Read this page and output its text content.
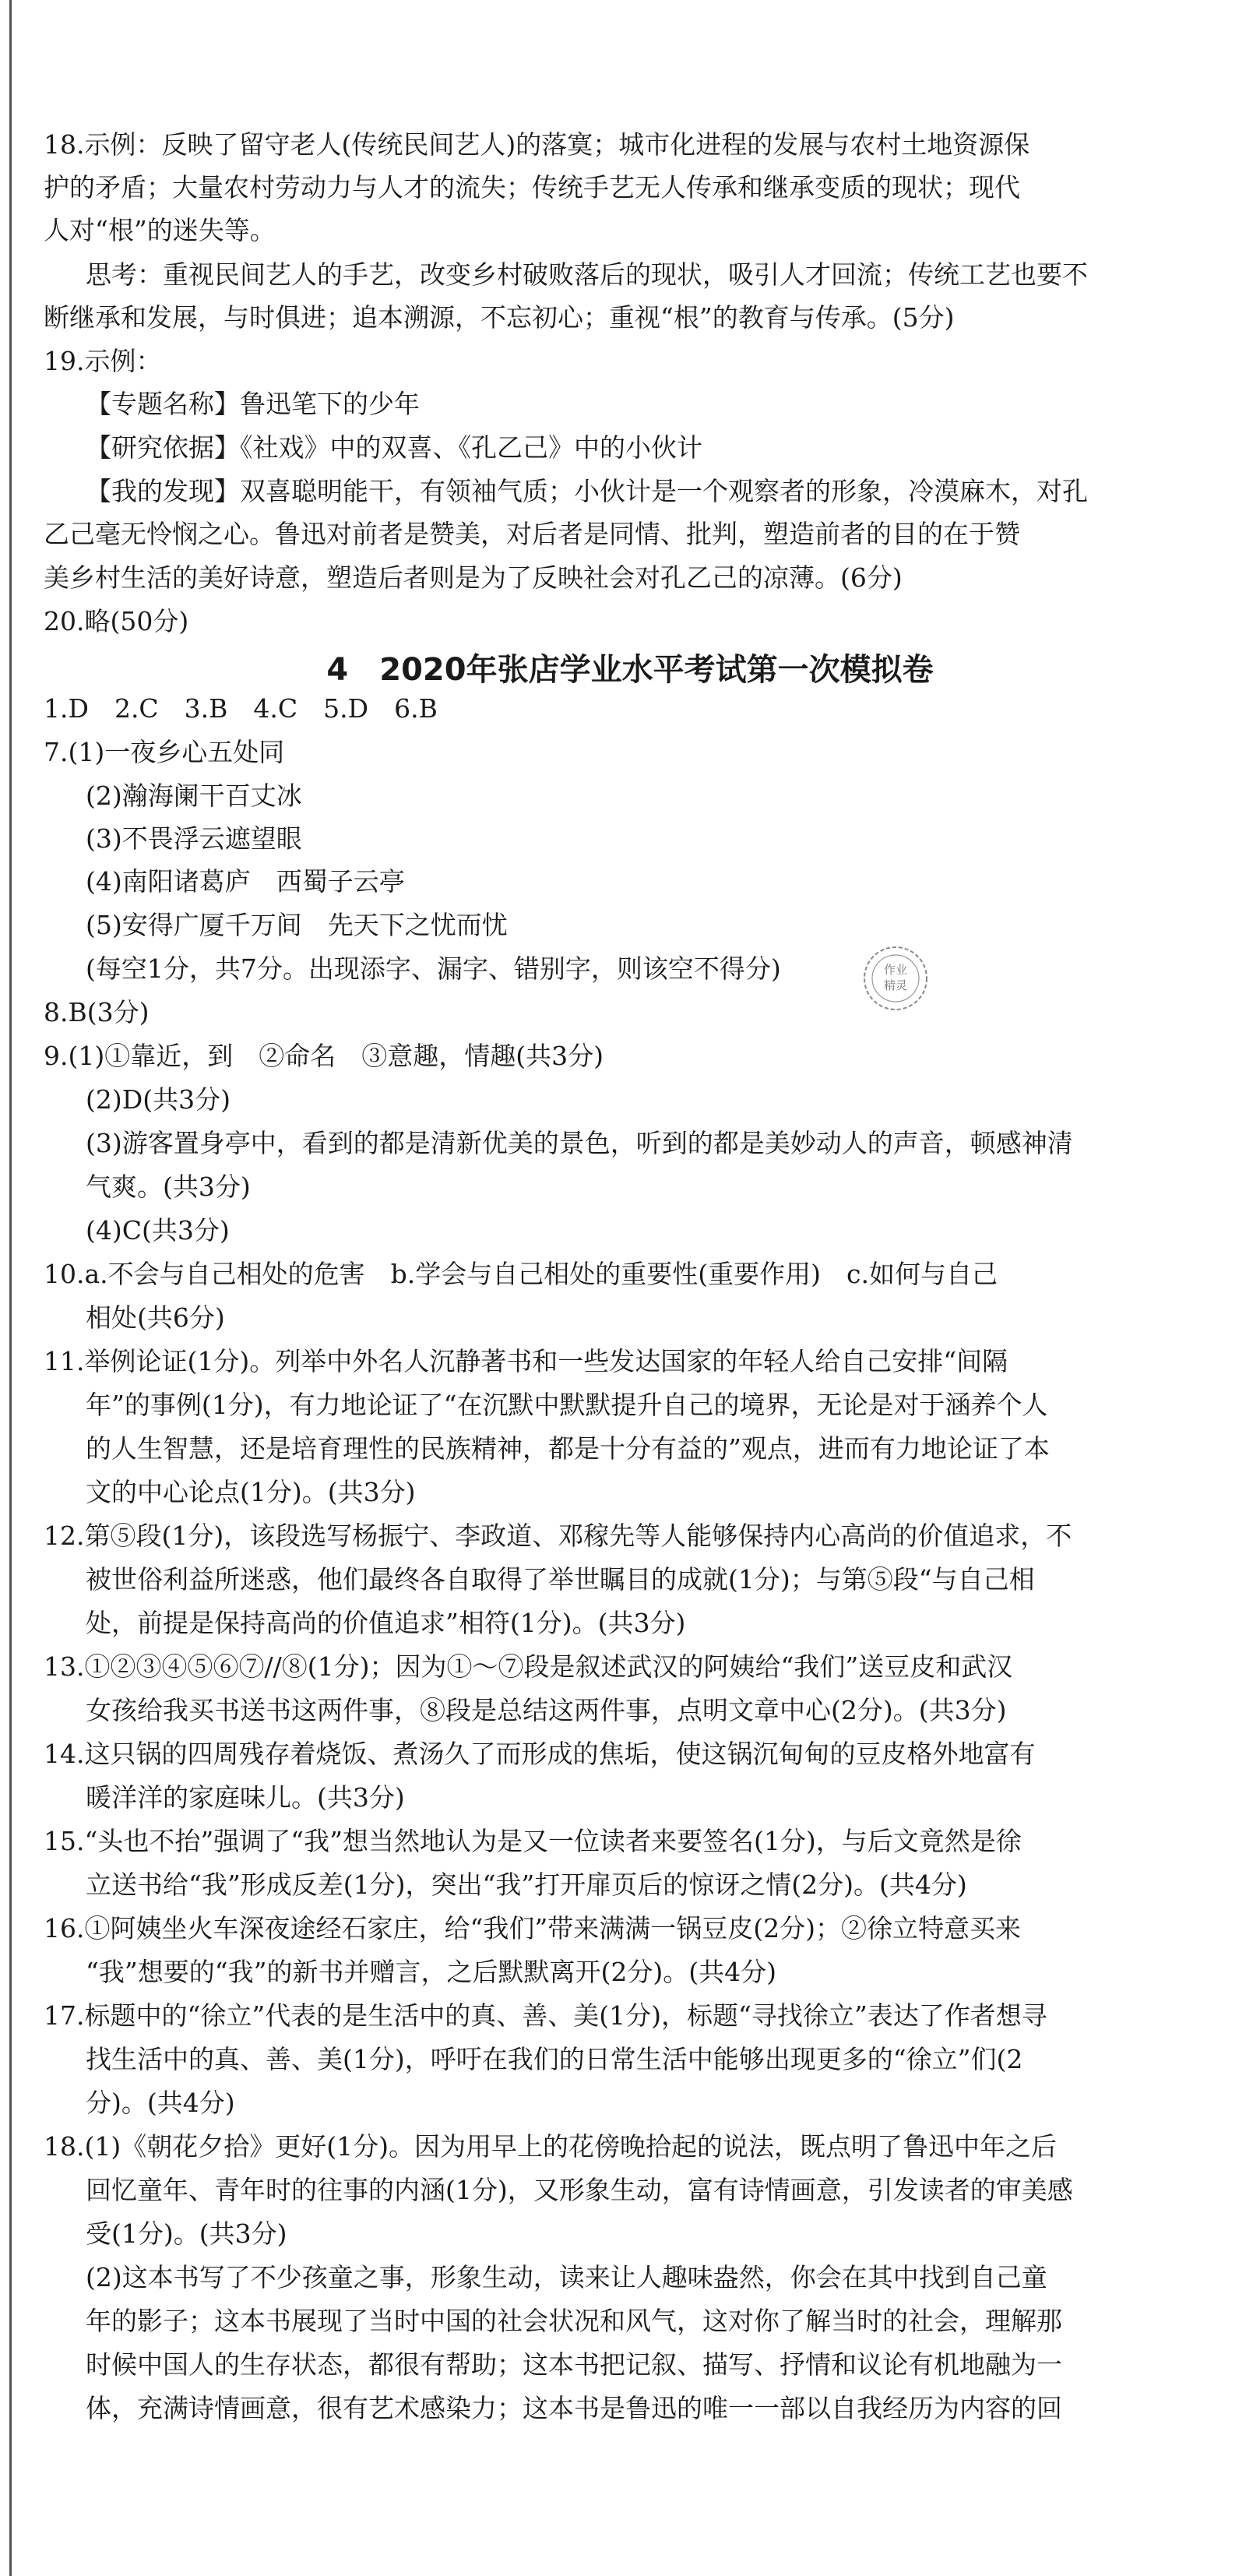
18.示例：反映了留守老人(传统民间艺人)的落寞；城市化进程的发展与农村土地资源保
护的矛盾；大量农村劳动力与人才的流失；传统手艺无人传承和继承变质的现状；现代
人对“根”的迷失等。
思考：重视民间艺人的手艺，改变乡村破败落后的现状，吸引人才回流；传统工艺也要不
断继承和发展，与时俱进；追本溯源，不忘初心；重视“根”的教育与传承。(5分)
19.示例：
【专题名称】鲁迅笔下的少年
【研究依据】《社戏》中的双喜、《孔乙己》中的小伙计
【我的发现】双喜聪明能干，有领袖气质；小伙计是一个观察者的形象，冷漠麻木，对孔
乙己毫无怜悯之心。鲁迅对前者是赞美，对后者是同情、批判，塑造前者的目的在于赞
美乡村生活的美好诗意，塑造后者则是为了反映社会对孔乙己的凉薄。(6分)
20.略(50分)
4　2020年张店学业水平考试第一次模拟卷
1.D　2.C　3.B　4.C　5.D　6.B
7.(1)一夜乡心五处同
(2)瀚海阑干百丈冰
(3)不畏浮云遮望眼
(4)南阳诸葛庐　西蜀子云亭
(5)安得广厦千万间　先天下之忧而忧
(每空1分，共7分。出现添字、漏字、错别字，则该空不得分)	作业
精灵
8.B(3分)
9.(1)①靠近，到　②命名　③意趣，情趣(共3分)
(2)D(共3分)
(3)游客置身亭中，看到的都是清新优美的景色，听到的都是美妙动人的声音，顿感神清
气爽。(共3分)
(4)C(共3分)
10.a.不会与自己相处的危害　b.学会与自己相处的重要性(重要作用)　c.如何与自己
相处(共6分)
11.举例论证(1分)。列举中外名人沉静著书和一些发达国家的年轻人给自己安排“间隔
年”的事例(1分)，有力地论证了“在沉默中默默提升自己的境界，无论是对于涵养个人
的人生智慧，还是培育理性的民族精神，都是十分有益的”观点，进而有力地论证了本
文的中心论点(1分)。(共3分)
12.第⑤段(1分)，该段选写杨振宁、李政道、邓稼先等人能够保持内心高尚的价值追求，不
被世俗利益所迷惑，他们最终各自取得了举世瞩目的成就(1分)；与第⑤段“与自己相
处，前提是保持高尚的价值追求”相符(1分)。(共3分)
13.①②③④⑤⑥⑦//⑧(1分)；因为①～⑦段是叙述武汉的阿姨给“我们”送豆皮和武汉
女孩给我买书送书这两件事，⑧段是总结这两件事，点明文章中心(2分)。(共3分)
14.这只锅的四周残存着烧饭、煮汤久了而形成的焦垢，使这锅沉甸甸的豆皮格外地富有
暖洋洋的家庭味儿。(共3分)
15.“头也不抬”强调了“我”想当然地认为是又一位读者来要签名(1分)，与后文竟然是徐
立送书给“我”形成反差(1分)，突出“我”打开扉页后的惊讶之情(2分)。(共4分)
16.①阿姨坐火车深夜途经石家庄，给“我们”带来满满一锅豆皮(2分)；②徐立特意买来
“我”想要的“我”的新书并赠言，之后默默离开(2分)。(共4分)
17.标题中的“徐立”代表的是生活中的真、善、美(1分)，标题“寻找徐立”表达了作者想寻
找生活中的真、善、美(1分)，呼吁在我们的日常生活中能够出现更多的“徐立”们(2
分)。(共4分)
18.(1)《朝花夕拾》更好(1分)。因为用早上的花傍晚拾起的说法，既点明了鲁迅中年之后
回忆童年、青年时的往事的内涵(1分)，又形象生动，富有诗情画意，引发读者的审美感
受(1分)。(共3分)
(2)这本书写了不少孩童之事，形象生动，读来让人趣味盎然，你会在其中找到自己童
年的影子；这本书展现了当时中国的社会状况和风气，这对你了解当时的社会，理解那
时候中国人的生存状态，都很有帮助；这本书把记叙、描写、抒情和议论有机地融为一
体，充满诗情画意，很有艺术感染力；这本书是鲁迅的唯一一部以自我经历为内容的回
